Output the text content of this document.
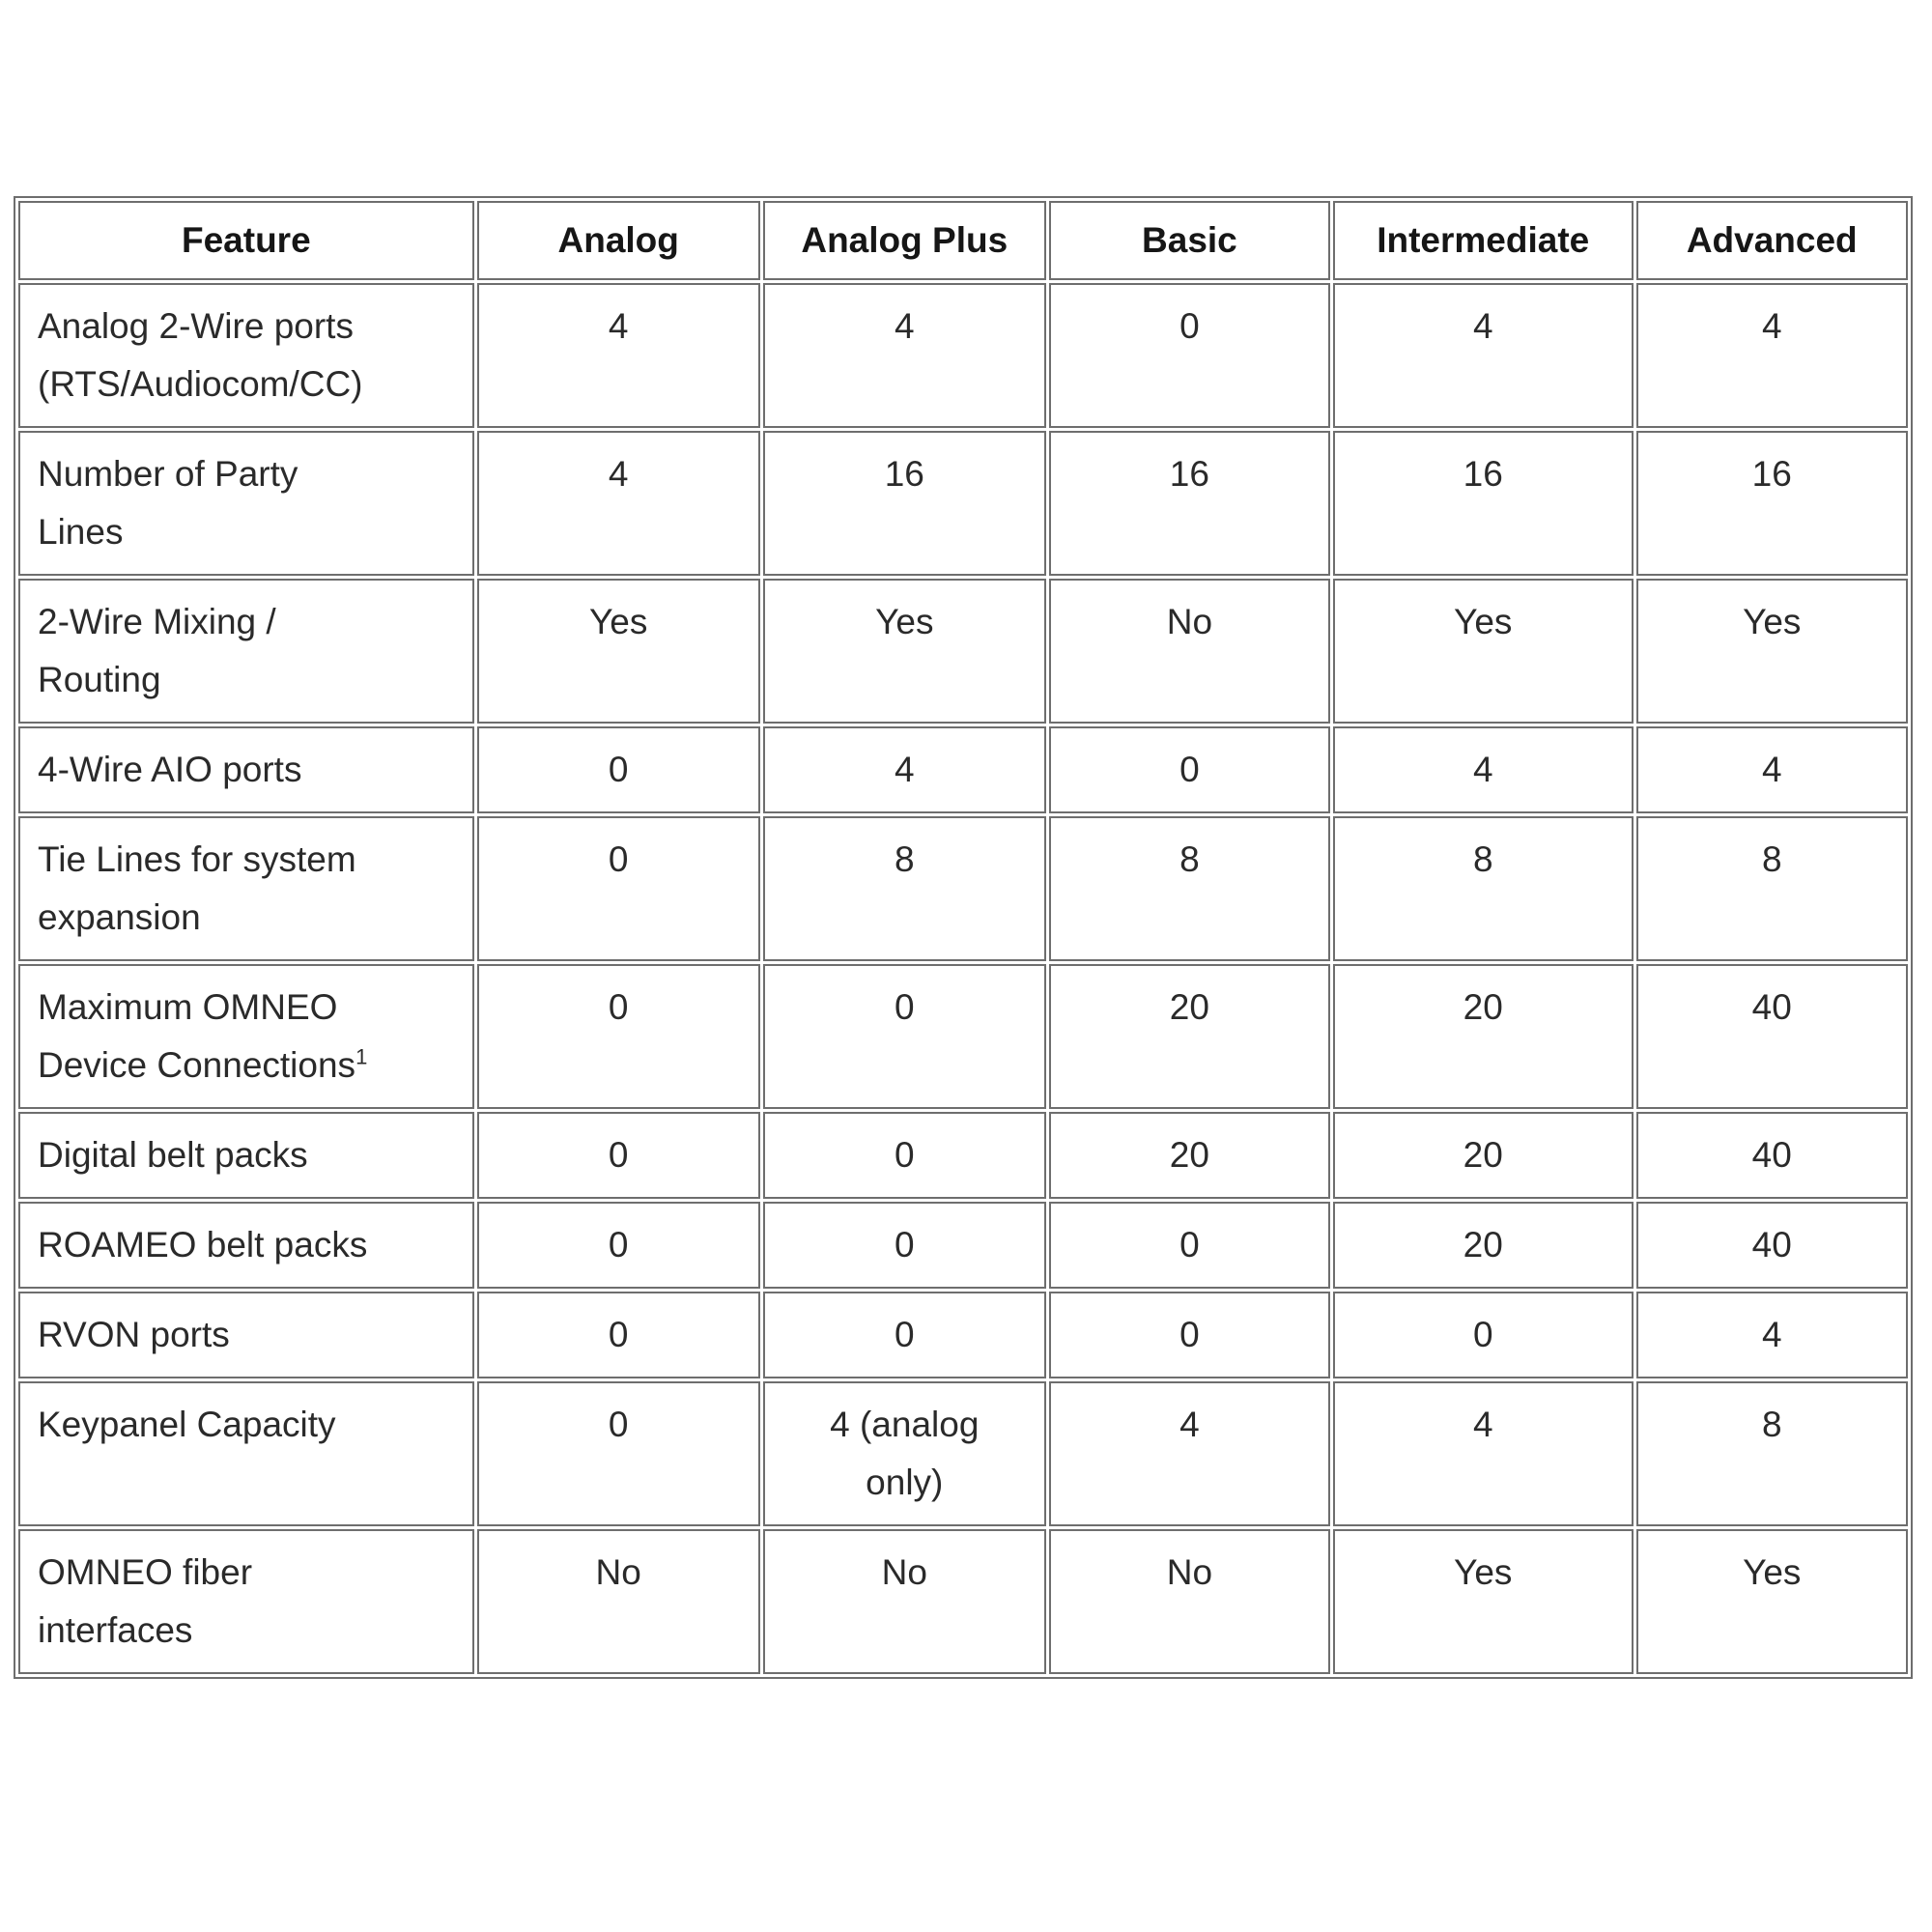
Feature	Analog	Analog Plus	Basic	Intermediate	Advanced

Analog 2-Wire ports
(RTS/Audiocom/CC)	4	4	0	4	4

Number of Party
Lines	4	16	16	16	16

2-Wire Mixing /
Routing	Yes	Yes	No	Yes	Yes

4-Wire AIO ports	0	4	0	4	4

Tie Lines for system
expansion	0	8	8	8	8

Maximum OMNEO
Device Connections$^1$	0	0	20	20	40

Digital belt packs	0	0	20	20	40

ROAMEO belt packs	0	0	0	20	40

RVON ports	0	0	0	0	4

Keypanel Capacity	0	4 (analog
only)	4	4	8

OMNEO fiber
interfaces	No	No	No	Yes	Yes
